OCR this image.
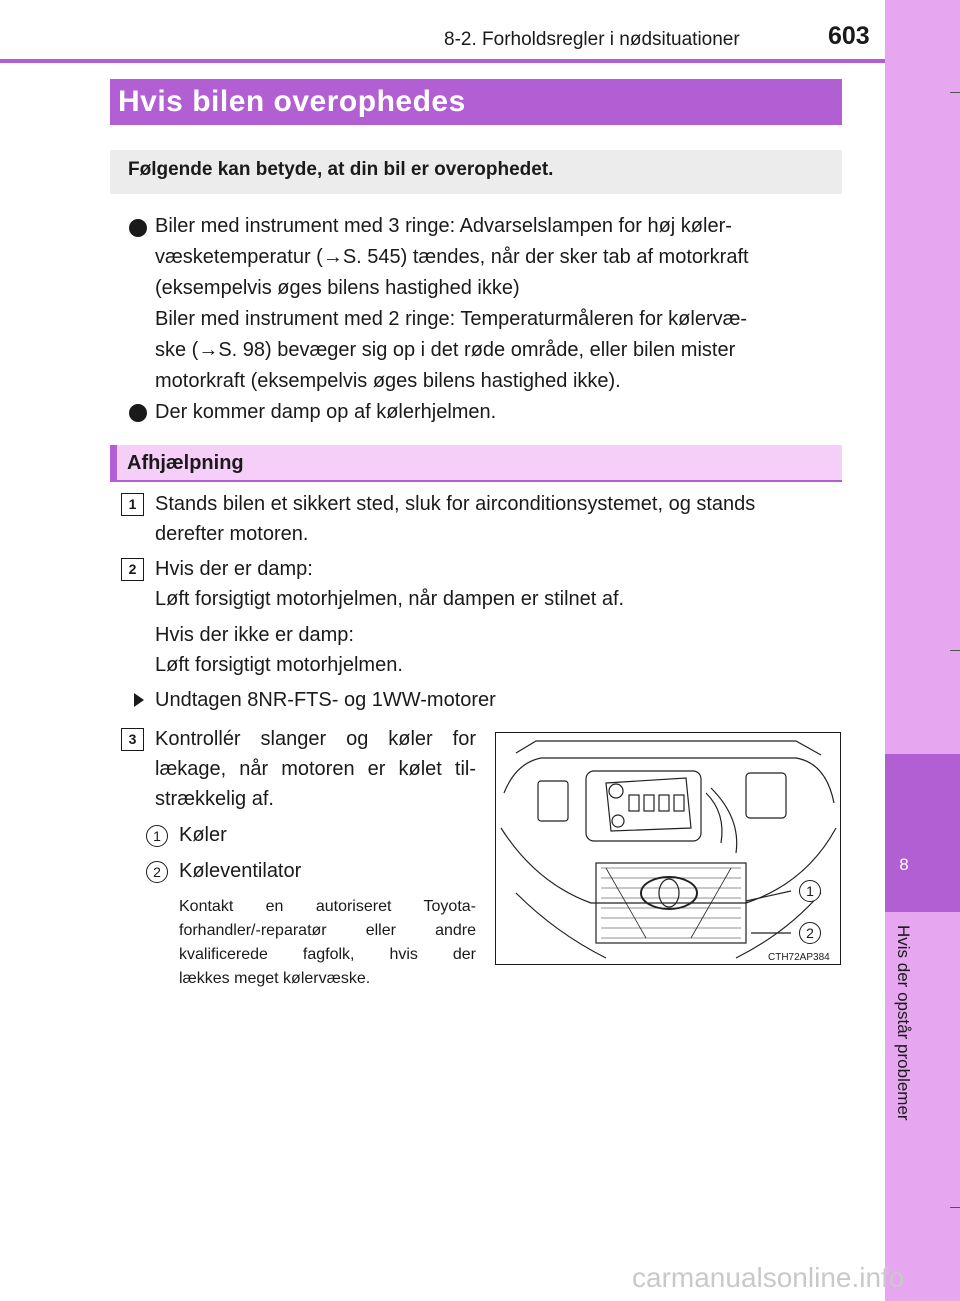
8-2. Forholdsregler i nødsituationer	603
8
Hvis der opstår problemer
Hvis bilen overophedes
Følgende kan betyde, at din bil er overophedet.
Biler med instrument med 3 ringe: Advarselslampen for høj køler-
væsketemperatur (→S. 545) tændes, når der sker tab af motorkraft
(eksempelvis øges bilens hastighed ikke)
Biler med instrument med 2 ringe: Temperaturmåleren for kølervæ-
ske (→S. 98) bevæger sig op i det røde område, eller bilen mister
motorkraft (eksempelvis øges bilens hastighed ikke).
Der kommer damp op af kølerhjelmen.
Afhjælpning
1 Stands bilen et sikkert sted, sluk for airconditionsystemet, og stands
derefter motoren.
2 Hvis der er damp:
Løft forsigtigt motorhjelmen, når dampen er stilnet af.
Hvis der ikke er damp:
Løft forsigtigt motorhjelmen.
Undtagen 8NR-FTS- og 1WW-motorer
3 Kontrollér slanger og køler for
lækage, når motoren er kølet til-
strækkelig af.
1 Køler
2 Køleventilator
Kontakt en autoriseret Toyota-
forhandler/-reparatør eller andre
kvalificerede fagfolk, hvis der
lækkes meget kølervæske.
1
2
CTH72AP384
carmanualsonline.info
